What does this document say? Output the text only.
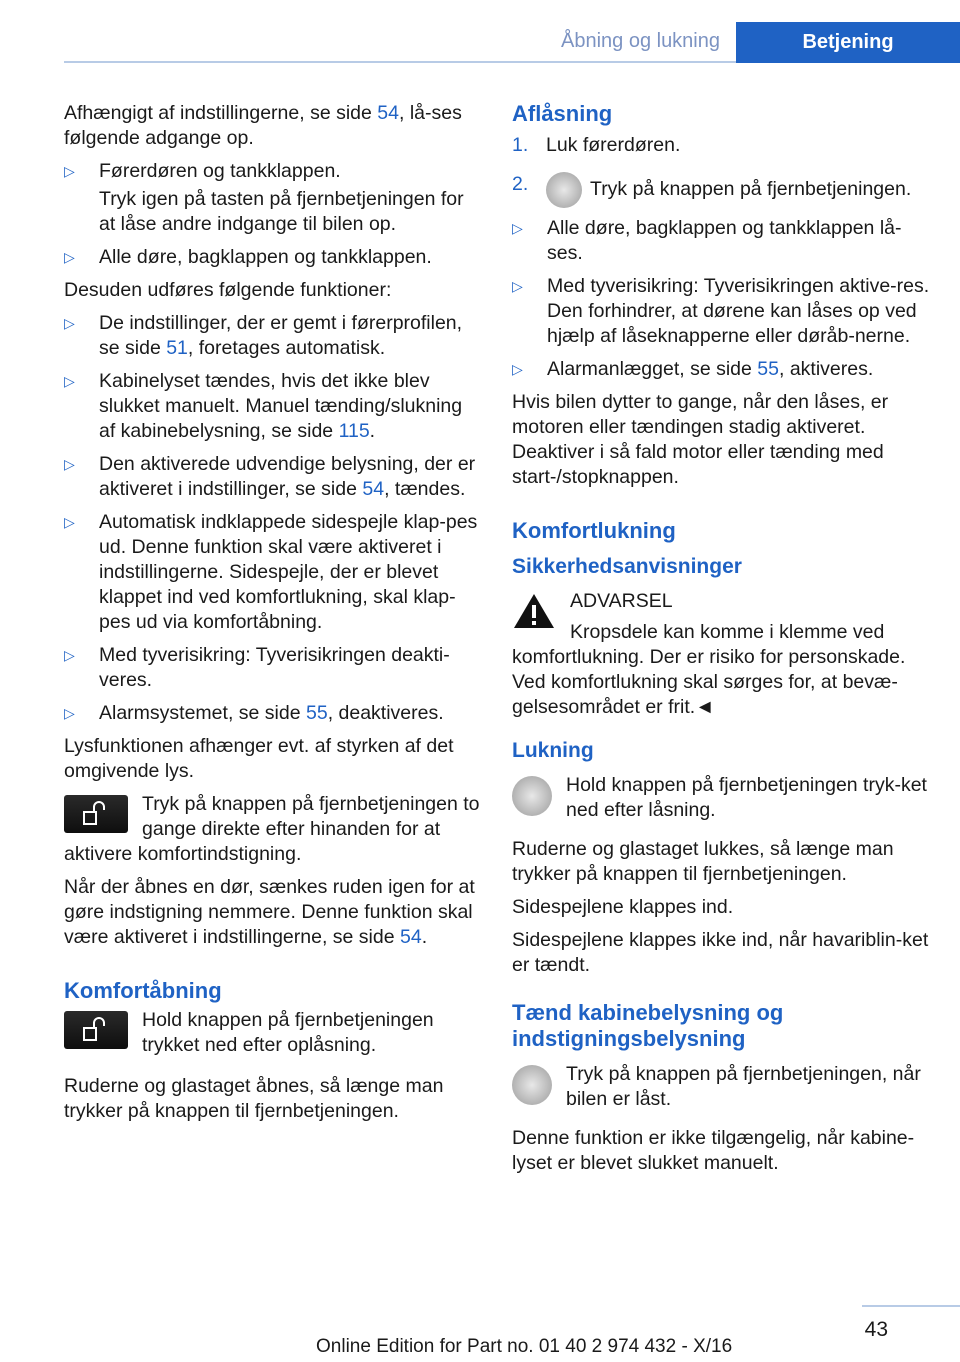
Åbning og lukning	Betjening

Afhængigt af indstillingerne, se side 54, lå‐ses følgende adgange op.

▷ Førerdøren og tankklappen.
Tryk igen på tasten på fjernbetjeningen for at låse andre indgange til bilen op.
▷ Alle døre, bagklappen og tankklappen.

Desuden udføres følgende funktioner:

▷ De indstillinger, der er gemt i førerprofilen, se side 51, foretages automatisk.
▷ Kabinelyset tændes, hvis det ikke blev slukket manuelt. Manuel tænding/slukning af kabinebelysning, se side 115.
▷ Den aktiverede udvendige belysning, der er aktiveret i indstillinger, se side 54, tændes.
▷ Automatisk indklappede sidespejle klap‐pes ud. Denne funktion skal være aktiveret i indstillingerne. Sidespejle, der er blevet klappet ind ved komfortlukning, skal klap‐pes ud via komfortåbning.
▷ Med tyverisikring: Tyverisikringen deakti‐veres.
▷ Alarmsystemet, se side 55, deaktiveres.

Lysfunktionen afhænger evt. af styrken af det omgivende lys.

Tryk på knappen på fjernbetjeningen to gange direkte efter hinanden for at aktivere komfortindstigning.

Når der åbnes en dør, sænkes ruden igen for at gøre indstigning nemmere. Denne funktion skal være aktiveret i indstillingerne, se side 54.

Komfortåbning
Hold knappen på fjernbetjeningen trykket ned efter oplåsning.

Ruderne og glastaget åbnes, så længe man trykker på knappen til fjernbetjeningen.

Aflåsning
1. Luk førerdøren.
2.	Tryk på knappen på fjernbetjeningen.
▷ Alle døre, bagklappen og tankklappen lå‐ses.
▷ Med tyverisikring: Tyverisikringen aktive‐res. Den forhindrer, at dørene kan låses op ved hjælp af låseknapperne eller døråb‐nerne.
▷ Alarmanlægget, se side 55, aktiveres.

Hvis bilen dytter to gange, når den låses, er motoren eller tændingen stadig aktiveret. Deaktiver i så fald motor eller tænding med start-/stopknappen.

Komfortlukning
Sikkerhedsanvisninger
ADVARSEL
Kropsdele kan komme i klemme ved komfortlukning. Der er risiko for personskade. Ved komfortlukning skal sørges for, at bevæ‐gelsesområdet er frit.◄
Lukning
Hold knappen på fjernbetjeningen tryk‐ket ned efter låsning.

Ruderne og glastaget lukkes, så længe man trykker på knappen til fjernbetjeningen.

Sidespejlene klappes ind.

Sidespejlene klappes ikke ind, når havariblin‐ket er tændt.

Tænd kabinebelysning og indstigningsbelysning
Tryk på knappen på fjernbetjeningen, når bilen er låst.

Denne funktion er ikke tilgængelig, når kabine‐lyset er blevet slukket manuelt.

43
Online Edition for Part no. 01 40 2 974 432 - X/16
